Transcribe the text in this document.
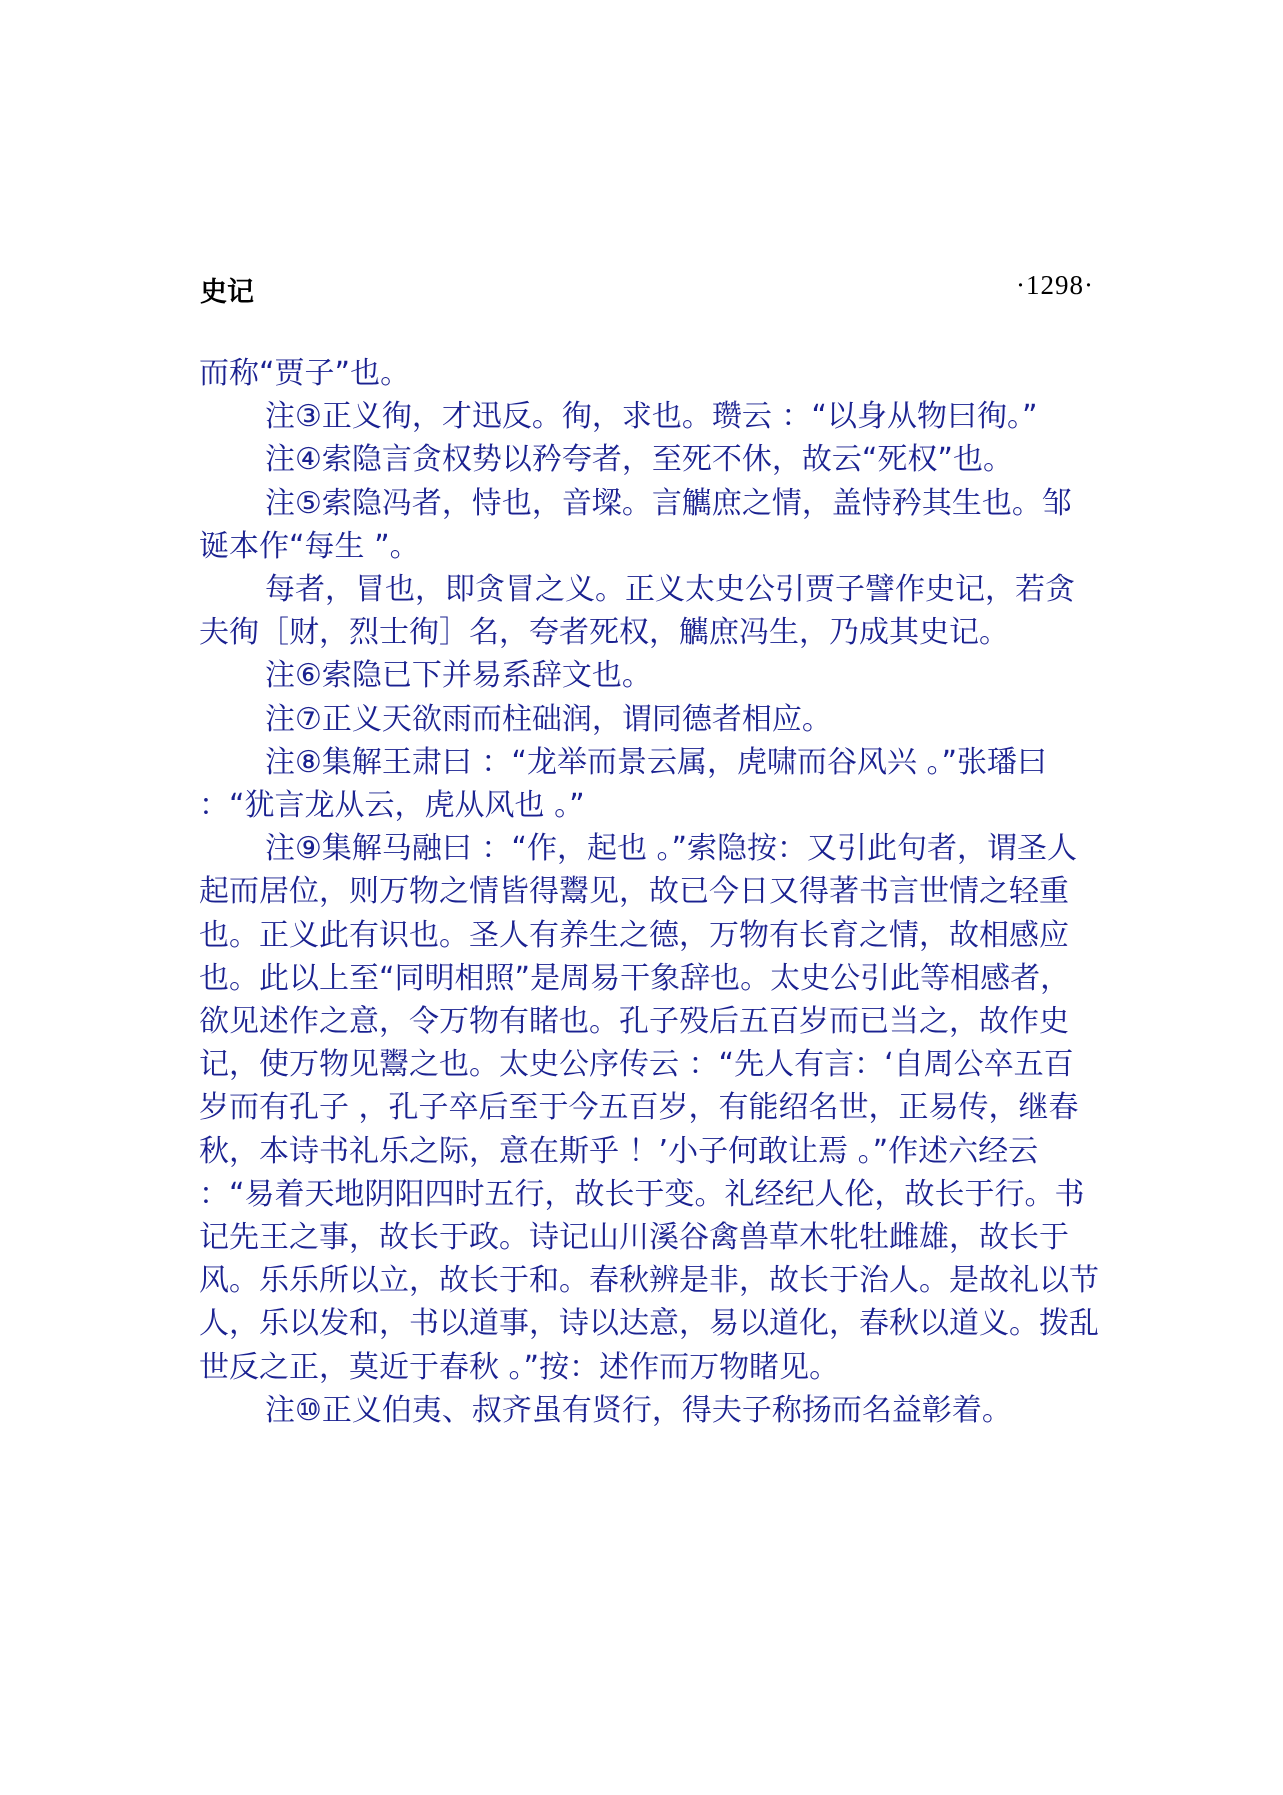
史记	·1298·

而称“贾子”也。

注③正义徇，才迅反。徇，求也。瓒云 ：“以身从物曰徇。”

注④索隐言贪权势以矜夸者，至死不休，故云“死权”也。

注⑤索隐冯者，恃也，音墚。言觽庶之情，盖恃矜其生也。邹诞本作“每生 ”。

每者，冒也，即贪冒之义。正义太史公引贾子譬作史记，若贪夫徇［财，烈士徇］名，夸者死权，觽庶冯生，乃成其史记。

注⑥索隐已下并易系辞文也。

注⑦正义天欲雨而柱础润，谓同德者相应。

注⑧集解王肃曰 ：“龙举而景云属，虎啸而谷风兴 。”张璠曰 ：“犹言龙从云，虎从风也 。”

注⑨集解马融曰 ：“作，起也 。”索隐按：又引此句者，谓圣人起而居位，则万物之情皆得鬻见，故已今日又得著书言世情之轻重也。正义此有识也。圣人有养生之德，万物有长育之情，故相感应也。此以上至“同明相照”是周易干象辞也。太史公引此等相感者，欲见述作之意，令万物有睹也。孔子殁后五百岁而已当之，故作史记，使万物见鬻之也。太史公序传云 ：“先人有言：‘自周公卒五百岁而有孔子 ，孔子卒后至于今五百岁，有能绍名世，正易传，继春秋，本诗书礼乐之际，意在斯乎 ！’小子何敢让焉 。”作述六经云 ：“易着天地阴阳四时五行，故长于变。礼经纪人伦，故长于行。书记先王之事，故长于政。诗记山川溪谷禽兽草木牝牡雌雄，故长于风。乐乐所以立，故长于和。春秋辨是非，故长于治人。是故礼以节人，乐以发和，书以道事，诗以达意，易以道化，春秋以道义。拨乱世反之正，莫近于春秋 。”按：述作而万物睹见。

注⑩正义伯夷、叔齐虽有贤行，得夫子称扬而名益彰着。
